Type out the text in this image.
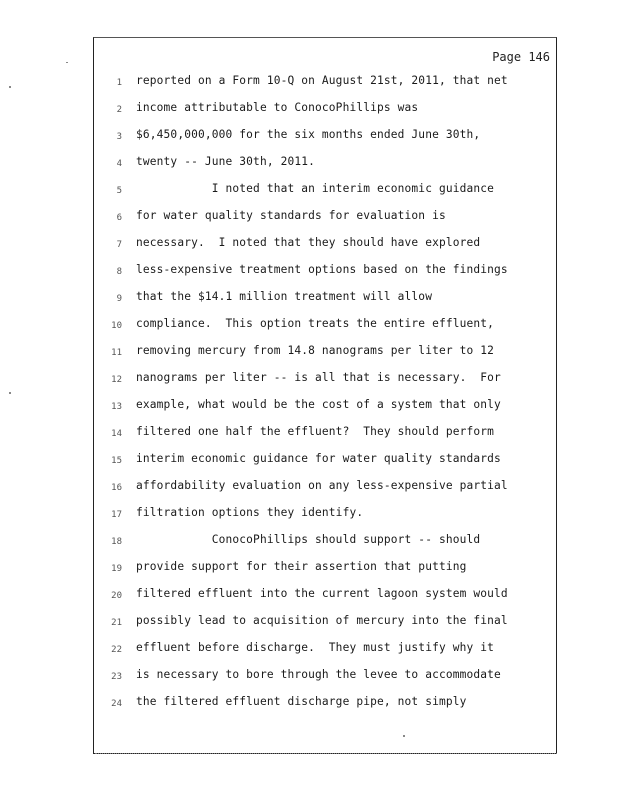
Page 146
1 reported on a Form 10-Q on August 21st, 2011, that net
2 income attributable to ConocoPhillips was
3 $6,450,000,000 for the six months ended June 30th,
4 twenty -- June 30th, 2011.
5 I noted that an interim economic guidance
6 for water quality standards for evaluation is
7 necessary.  I noted that they should have explored
8 less-expensive treatment options based on the findings
9 that the $14.1 million treatment will allow
10 compliance.  This option treats the entire effluent,
11 removing mercury from 14.8 nanograms per liter to 12
12 nanograms per liter -- is all that is necessary.  For
13 example, what would be the cost of a system that only
14 filtered one half the effluent?  They should perform
15 interim economic guidance for water quality standards
16 affordability evaluation on any less-expensive partial
17 filtration options they identify.
18 ConocoPhillips should support -- should
19 provide support for their assertion that putting
20 filtered effluent into the current lagoon system would
21 possibly lead to acquisition of mercury into the final
22 effluent before discharge.  They must justify why it
23 is necessary to bore through the levee to accommodate
24 the filtered effluent discharge pipe, not simply
